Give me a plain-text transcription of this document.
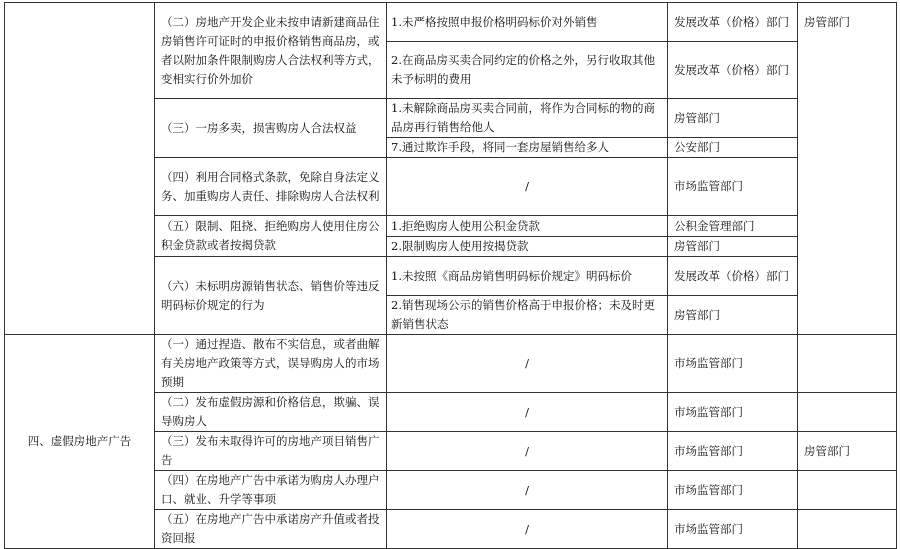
	（二）房地产开发企业未按申请新建商品住房销售许可证时的申报价格销售商品房，或者以附加条件限制购房人合法权利等方式，变相实行价外加价	1.未严格按照申报价格明码标价对外销售	发展改革（价格）部门	房管部门
		2.在商品房买卖合同约定的价格之外，另行收取其他未予标明的费用	发展改革（价格）部门	
	（三）一房多卖，损害购房人合法权益	1.未解除商品房买卖合同前，将作为合同标的物的商品房再行销售给他人	房管部门	
		7.通过欺诈手段，将同一套房屋销售给多人	公安部门	
	（四）利用合同格式条款，免除自身法定义务、加重购房人责任、排除购房人合法权利	/	市场监管部门	
	（五）限制、阻挠、拒绝购房人使用住房公积金贷款或者按揭贷款	1.拒绝购房人使用公积金贷款	公积金管理部门	
		2.限制购房人使用按揭贷款	房管部门	
	（六）未标明房源销售状态、销售价等违反明码标价规定的行为	1.未按照《商品房销售明码标价规定》明码标价	发展改革（价格）部门	
		2.销售现场公示的销售价格高于申报价格；未及时更新销售状态	房管部门	
四、虚假房地产广告	（一）通过捏造、散布不实信息，或者曲解有关房地产政策等方式，误导购房人的市场预期	/	市场监管部门	
	（二）发布虚假房源和价格信息，欺骗、误导购房人	/	市场监管部门	
	（三）发布未取得许可的房地产项目销售广告	/	市场监管部门	房管部门
	（四）在房地产广告中承诺为购房人办理户口、就业、升学等事项	/	市场监管部门	
	（五）在房地产广告中承诺房产升值或者投资回报	/	市场监管部门	
